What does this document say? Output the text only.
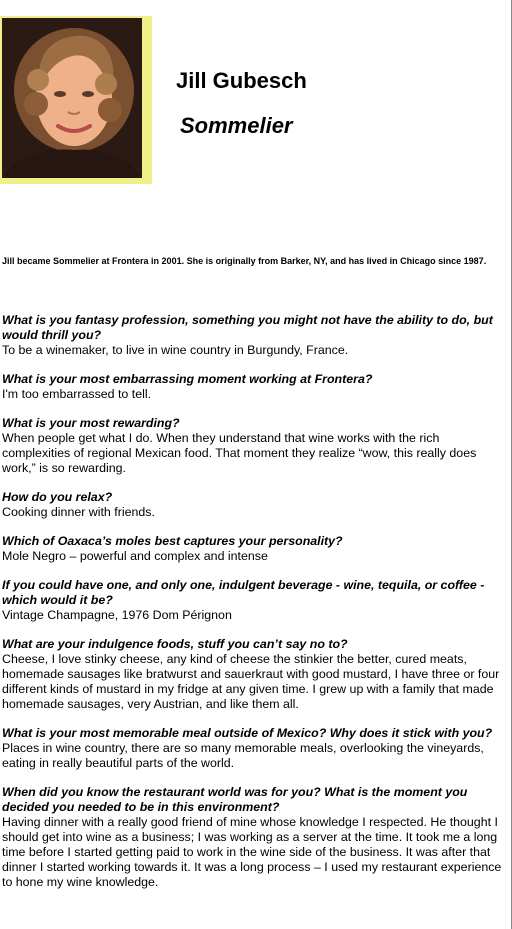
Jill Gubesch
Sommelier
Jill became Sommelier at Frontera in 2001. She is originally from Barker, NY, and has lived in Chicago since 1987.

What is you fantasy profession, something you might not have the ability to do, but would thrill you?

To be a winemaker, to live in wine country in Burgundy, France.

What is your most embarrassing moment working at Frontera?

I'm too embarrassed to tell.

What is your most rewarding?

When people get what I do. When they understand that wine works with the rich complexities of regional Mexican food. That moment they realize “wow, this really does work,” is so rewarding.

How do you relax?

Cooking dinner with friends.

Which of Oaxaca’s moles best captures your personality?

Mole Negro – powerful and complex and intense

If you could have one, and only one, indulgent beverage - wine, tequila, or coffee - which would it be?

Vintage Champagne, 1976 Dom Pérignon

What are your indulgence foods, stuff you can’t say no to?

Cheese, I love stinky cheese, any kind of cheese the stinkier the better, cured meats, homemade sausages like bratwurst and sauerkraut with good mustard, I have three or four different kinds of mustard in my fridge at any given time. I grew up with a family that made homemade sausages, very Austrian, and like them all.

What is your most memorable meal outside of Mexico? Why does it stick with you?

Places in wine country, there are so many memorable meals, overlooking the vineyards, eating in really beautiful parts of the world.

When did you know the restaurant world was for you? What is the moment you decided you needed to be in this environment?

Having dinner with a really good friend of mine whose knowledge I respected. He thought I should get into wine as a business; I was working as a server at the time. It took me a long time before I started getting paid to work in the wine side of the business. It was after that dinner I started working towards it. It was a long process – I used my restaurant experience to hone my wine knowledge.
